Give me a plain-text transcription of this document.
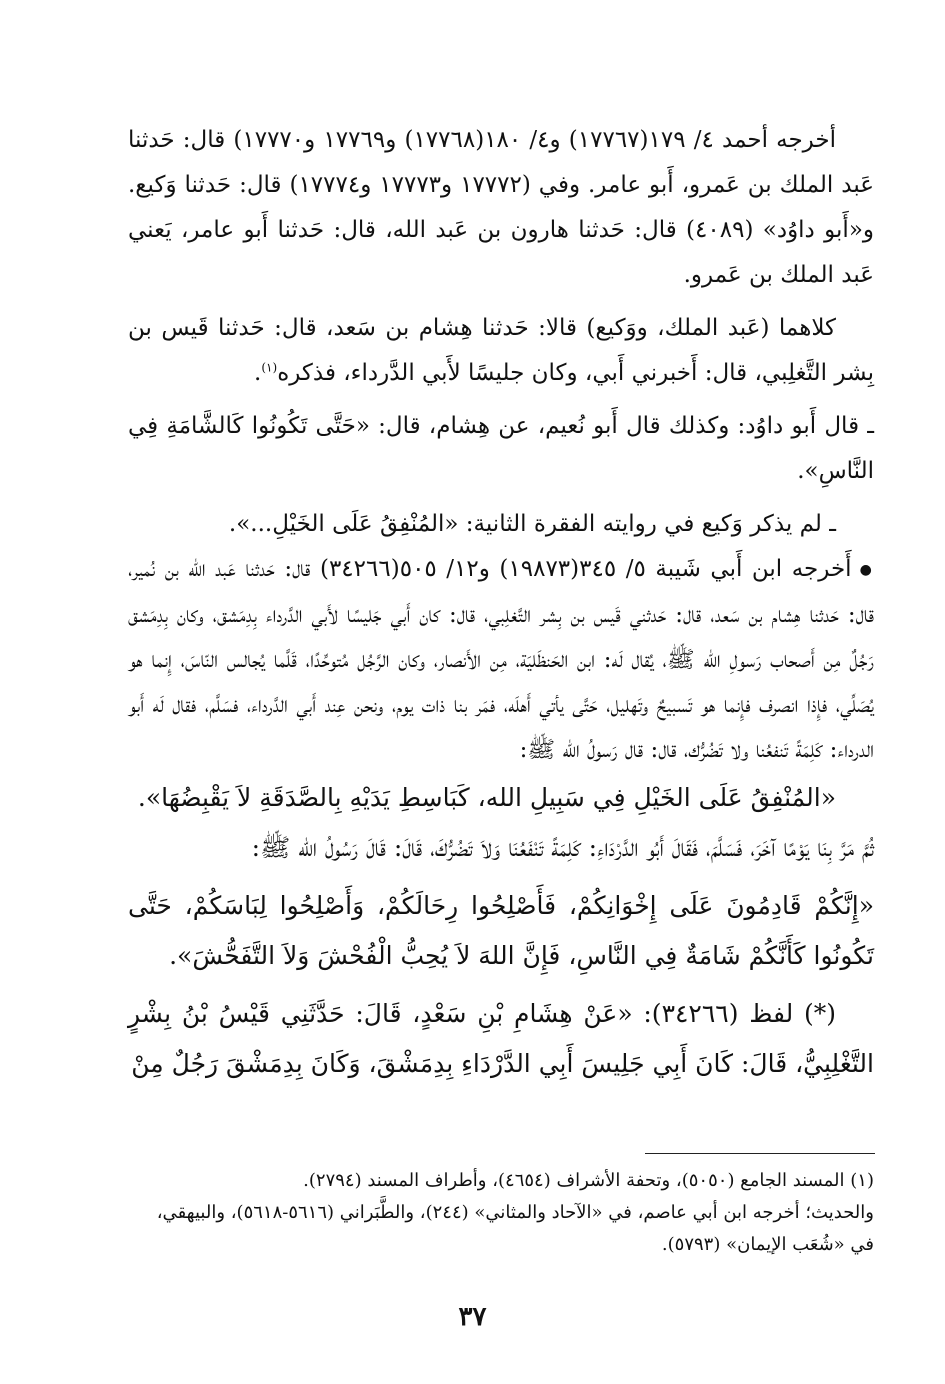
أخرجه أحمد ٤/ ١٧٩(١٧٧٦٧) و٤/ ١٨٠(١٧٧٦٨) و١٧٧٦٩ و١٧٧٧٠) قال: حَدثنا عَبد الملك بن عَمرو، أَبو عامر. وفي (١٧٧٧٢ و١٧٧٧٣ و١٧٧٧٤) قال: حَدثنا وَكيع. و«أَبو داوُد» (٤٠٨٩) قال: حَدثنا هارون بن عَبد الله، قال: حَدثنا أَبو عامر، يَعني عَبد الملك بن عَمرو.

كلاهما (عَبد الملك، ووَكيع) قالا: حَدثنا هِشام بن سَعد، قال: حَدثنا قَيس بن بِشر التَّغلِبي، قال: أَخبرني أَبي، وكان جليسًا لأَبي الدَّرداء، فذكره$^{(١)}$.

ـ قال أَبو داوُد: وكذلك قال أَبو نُعيم، عن هِشام، قال: «حَتَّى تَكُونُوا كَالشَّامَةِ فِي النَّاسِ».

ـ لم يذكر وَكيع في روايته الفقرة الثانية: «المُنْفِقُ عَلَى الخَيْلِ...».

●أَخرجه ابن أَبي شَيبة ٥/ ٣٤٥(١٩٨٧٣) و١٢/ ٥٠٥(٣٤٢٦٦) قال: حَدثنا عَبد الله بن نُمير، قال: حَدثنا هِشام بن سَعد، قال: حَدثني قَيس بن بِشر التَّغلِبي، قال: كان أَبي جَليسًا لأَبي الدَّرداء بِدِمَشق، وكان بِدِمَشق رَجُلٌ مِن أَصحاب رَسولِ الله ﷺ، يُقال لَه: ابن الحَنظَليَة، مِن الأَنصار، وكان الرَّجُل مُتوحِّدًا، قَلَّما يُجالس النّاسَ، إِنما هو يُصَلِّي، فإِذا انصرف فإِنما هو تَسبيحٌ وتَهليل، حَتَّى يأتي أَهلَه، فمَر بنا ذات يوم، ونحن عِند أَبي الدَّرداء، فسَلَّم، فقال لَه أَبو الدرداء: كَلِمَةً تَنفعُنا ولا تَضُرُّك، قال: قال رَسولُ الله ﷺ:

«المُنْفِقُ عَلَى الخَيْلِ فِي سَبِيلِ الله، كَبَاسِطِ يَدَيْهِ بِالصَّدَقَةِ لاَ يَقْبِضُهَا».

ثُمَّ مَرَّ بِنَا يَوْمًا آخَرَ، فَسَلَّمَ، فَقَالَ أَبُو الدَّرْدَاءِ: كَلِمَةً تَنْفَعُنَا وَلاَ تَضُرُّكَ، قَالَ: قَالَ رَسُولُ الله ﷺ:

«إِنَّكُمْ قَادِمُونَ عَلَى إِخْوَانِكُمْ، فَأَصْلِحُوا رِحَالَكُمْ، وَأَصْلِحُوا لِبَاسَكُمْ، حَتَّى تَكُونُوا كَأَنَّكُمْ شَامَةٌ فِي النَّاسِ، فَإِنَّ اللهَ لاَ يُحِبُّ الْفُحْشَ وَلاَ التَّفَحُّشَ».

(*) لفظ (٣٤٢٦٦): «عَنْ هِشَامِ بْنِ سَعْدٍ، قَالَ: حَدَّثَنِي قَيْسُ بْنُ بِشْرٍ التَّغْلِبِيُّ، قَالَ: كَانَ أَبِي جَلِيسَ أَبِي الدَّرْدَاءِ بِدِمَشْقَ، وَكَانَ بِدِمَشْقَ رَجُلٌ مِنْ

(١) المسند الجامع (٥٠٥٠)، وتحفة الأشراف (٤٦٥٤)، وأطراف المسند (٢٧٩٤).

والحديث؛ أخرجه ابن أبي عاصم، في «الآحاد والمثاني» (٢٤٤)، والطَّبَراني (٥٦١٦-٥٦١٨)، والبيهقي، في «شُعَب الإيمان» (٥٧٩٣).

٣٧
